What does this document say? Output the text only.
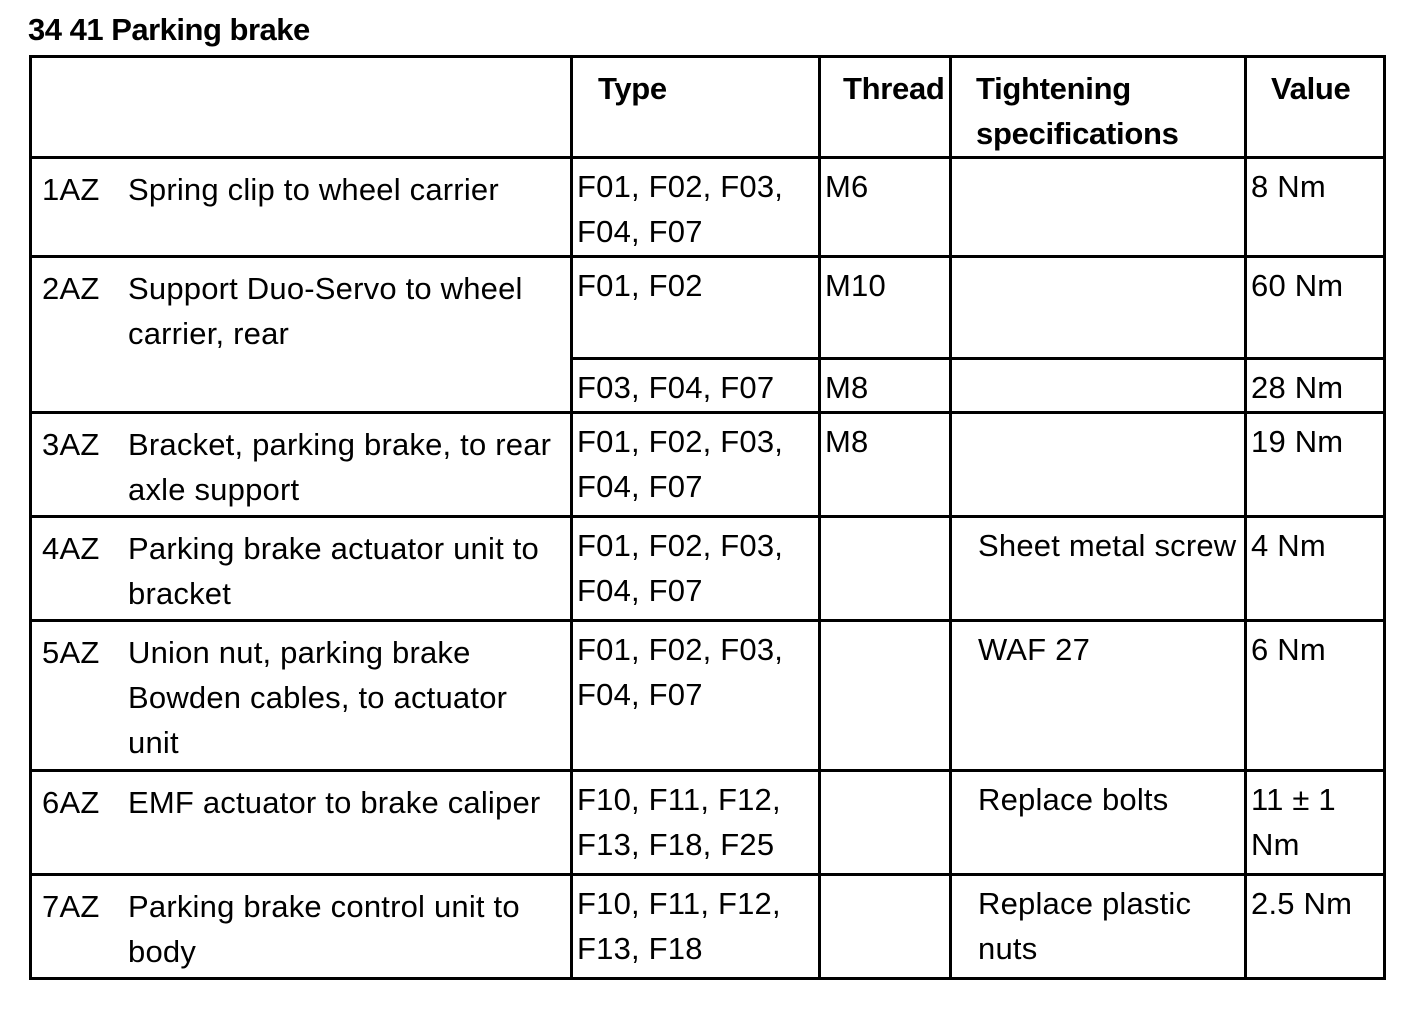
34 41 Parking brake
	Type	Thread	Tightening specifications	Value
1AZ Spring clip to wheel carrier	F01, F02, F03, F04, F07	M6		8 Nm
2AZ Support Duo-Servo to wheel carrier, rear	F01, F02	M10		60 Nm
	F03, F04, F07	M8		28 Nm
3AZ Bracket, parking brake, to rear axle support	F01, F02, F03, F04, F07	M8		19 Nm
4AZ Parking brake actuator unit to bracket	F01, F02, F03, F04, F07		Sheet metal screw	4 Nm
5AZ Union nut, parking brake Bowden cables, to actuator unit	F01, F02, F03, F04, F07		WAF 27	6 Nm
6AZ EMF actuator to brake caliper	F10, F11, F12, F13, F18, F25		Replace bolts	11 ± 1 Nm
7AZ Parking brake control unit to body	F10, F11, F12, F13, F18		Replace plastic nuts	2.5 Nm
